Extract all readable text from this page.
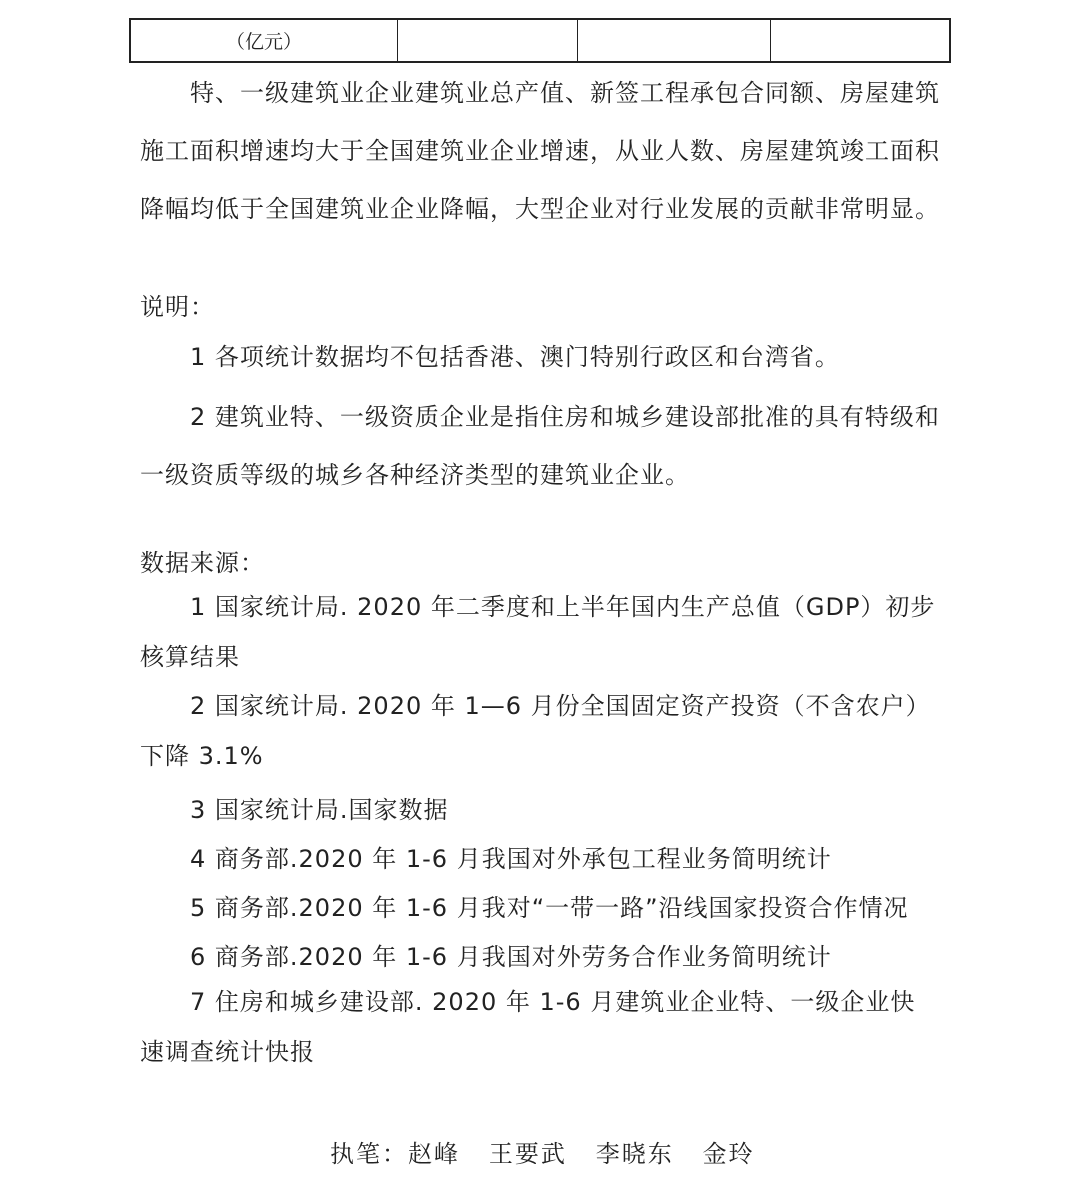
（亿元）

特、一级建筑业企业建筑业总产值、新签工程承包合同额、房屋建筑施工面积增速均大于全国建筑业企业增速，从业人数、房屋建筑竣工面积降幅均低于全国建筑业企业降幅，大型企业对行业发展的贡献非常明显。

说明：

1 各项统计数据均不包括香港、澳门特别行政区和台湾省。

2 建筑业特、一级资质企业是指住房和城乡建设部批准的具有特级和一级资质等级的城乡各种经济类型的建筑业企业。

数据来源：

1 国家统计局. 2020 年二季度和上半年国内生产总值（GDP）初步核算结果

2 国家统计局. 2020 年 1—6 月份全国固定资产投资（不含农户）下降 3.1%

3 国家统计局.国家数据

4 商务部.2020 年 1-6 月我国对外承包工程业务简明统计

5 商务部.2020 年 1-6 月我对“一带一路”沿线国家投资合作情况

6 商务部.2020 年 1-6 月我国对外劳务合作业务简明统计

7 住房和城乡建设部. 2020 年 1-6 月建筑业企业特、一级企业快速调查统计快报

执笔：赵峰   王要武   李晓东   金玲
